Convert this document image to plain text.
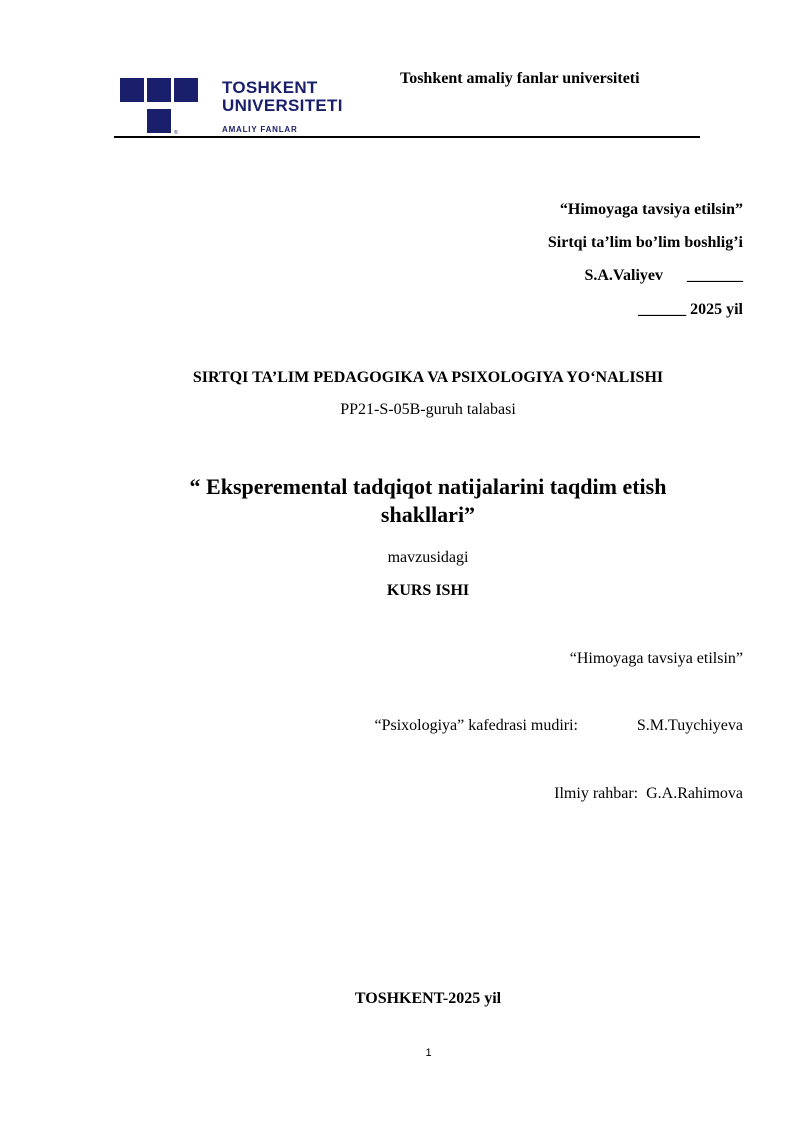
®
TOSHKENT
UNIVERSITETI
AMALIY FANLAR
Toshkent amaliy fanlar universiteti
“Himoyaga tavsiya etilsin”
Sirtqi ta’lim bo’lim boshlig’i
S.A.Valiyev      _______
______ 2025 yil
SIRTQI TA’LIM PEDAGOGIKA VA PSIXOLOGIYA YO‘NALISHI
PP21-S-05B-guruh talabasi
“ Eksperemental tadqiqot natijalarini taqdim etish
shakllari”
mavzusidagi
KURS ISHI
“Himoyaga tavsiya etilsin”
“Psixologiya” kafedrasi mudiri:	S.M.Tuychiyeva
Ilmiy rahbar:  G.A.Rahimova
TOSHKENT-2025 yil
1
